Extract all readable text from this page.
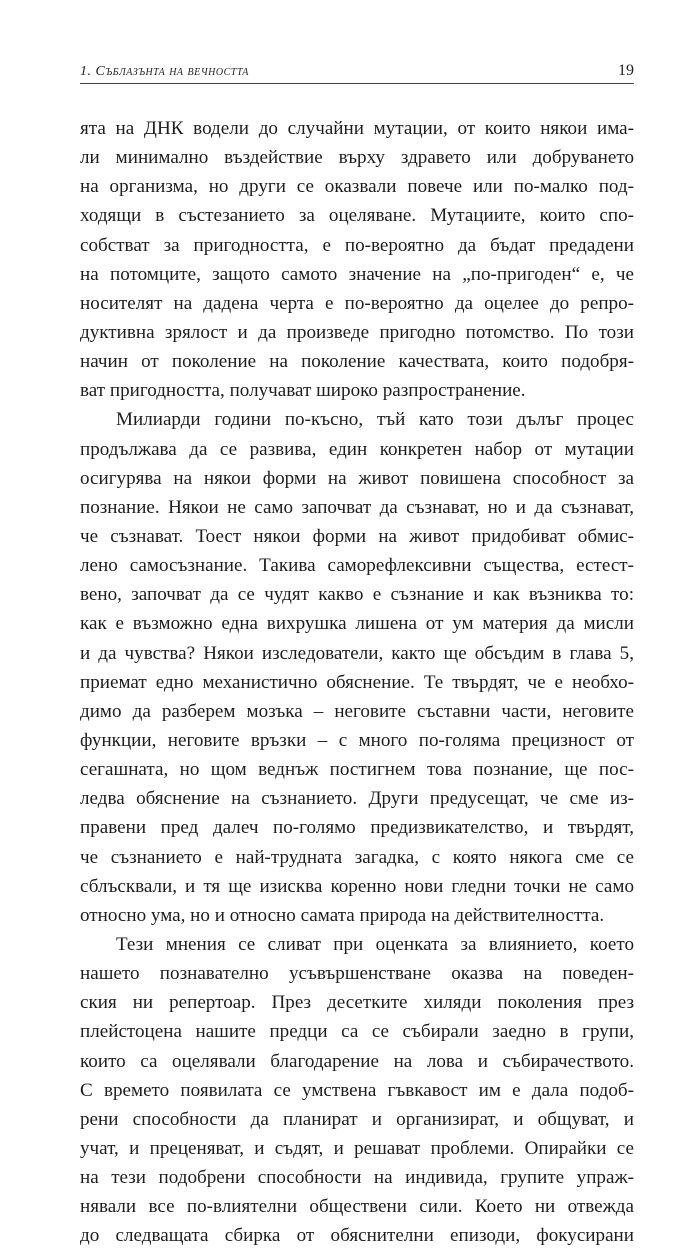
1. Съблазънта на вечността	19
ята на ДНК водели до случайни мутации, от които някои има-
ли минимално въздействие върху здравето или добруването
на организма, но други се оказвали повече или по-малко под-
ходящи в състезанието за оцеляване. Мутациите, които спо-
собстват за пригодността, е по-вероятно да бъдат предадени
на потомците, защото самото значение на „по-пригоден“ е, че
носителят на дадена черта е по-вероятно да оцелее до репро-
дуктивна зрялост и да произведе пригодно потомство. По този
начин от поколение на поколение качествата, които подобря-
ват пригодността, получават широко разпространение.
Милиарди години по-късно, тъй като този дълъг процес
продължава да се развива, един конкретен набор от мутации
осигурява на някои форми на живот повишена способност за
познание. Някои не само започват да съзнават, но и да съзнават,
че съзнават. Тоест някои форми на живот придобиват обмис-
лено самосъзнание. Такива саморефлексивни същества, естест-
вено, започват да се чудят какво е съзнание и как възниква то:
как е възможно една вихрушка лишена от ум материя да мисли
и да чувства? Някои изследователи, както ще обсъдим в глава 5,
приемат едно механистично обяснение. Те твърдят, че е необхо-
димо да разберем мозъка – неговите съставни части, неговите
функции, неговите връзки – с много по-голяма прецизност от
сегашната, но щом веднъж постигнем това познание, ще пос-
ледва обяснение на съзнанието. Други предусещат, че сме из-
правени пред далеч по-голямо предизвикателство, и твърдят,
че съзнанието е най-трудната загадка, с която някога сме се
сблъсквали, и тя ще изисква коренно нови гледни точки не само
относно ума, но и относно самата природа на действителността.
Тези мнения се сливат при оценката за влиянието, което
нашето познавателно усъвършенстване оказва на поведен-
ския ни репертоар. През десетките хиляди поколения през
плейстоцена нашите предци са се събирали заедно в групи,
които са оцелявали благодарение на лова и събирачеството.
С времето появилата се умствена гъвкавост им е дала подоб-
рени способности да планират и организират, и общуват, и
учат, и преценяват, и съдят, и решават проблеми. Опирайки се
на тези подобрени способности на индивида, групите упраж-
нявали все по-влиятелни обществени сили. Което ни отвежда
до следващата сбирка от обяснителни епизоди, фокусирани
